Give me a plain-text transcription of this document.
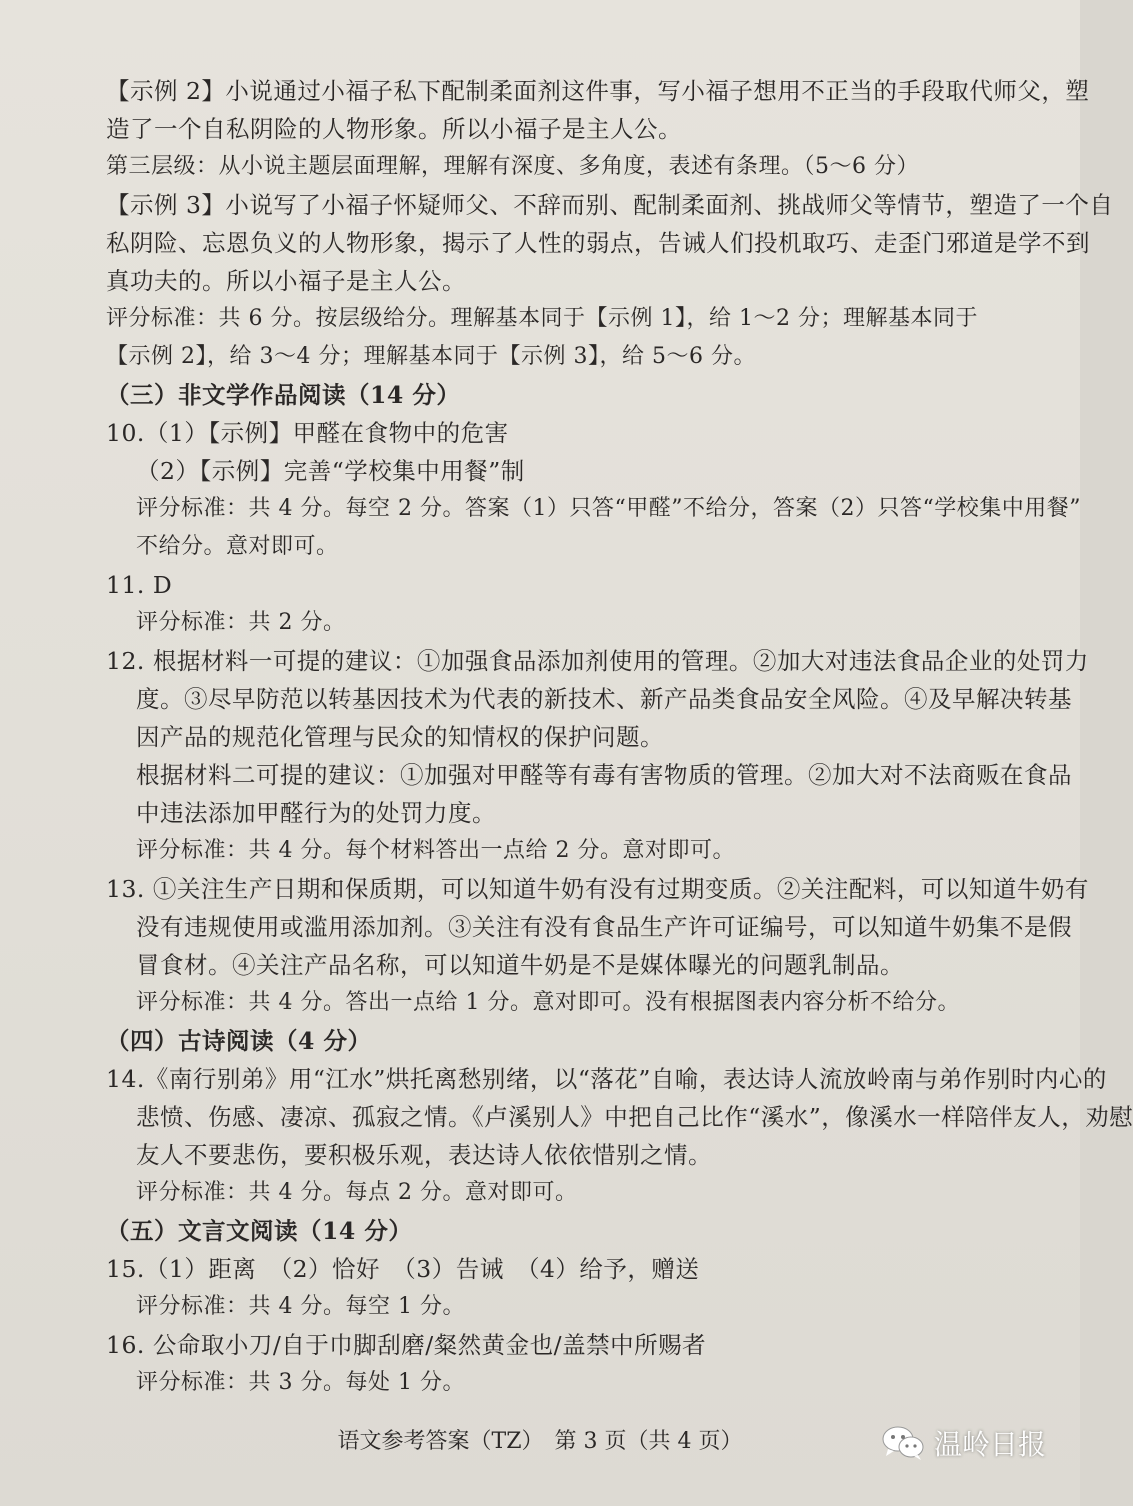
【示例 2】小说通过小福子私下配制柔面剂这件事，写小福子想用不正当的手段取代师父，塑
造了一个自私阴险的人物形象。所以小福子是主人公。
第三层级：从小说主题层面理解，理解有深度、多角度，表述有条理。（5～6 分）
【示例 3】小说写了小福子怀疑师父、不辞而别、配制柔面剂、挑战师父等情节，塑造了一个自
私阴险、忘恩负义的人物形象，揭示了人性的弱点，告诫人们投机取巧、走歪门邪道是学不到
真功夫的。所以小福子是主人公。
评分标准：共 6 分。按层级给分。理解基本同于【示例 1】，给 1～2 分；理解基本同于
【示例 2】，给 3～4 分；理解基本同于【示例 3】，给 5～6 分。
（三）非文学作品阅读（14 分）
10.（1）【示例】甲醛在食物中的危害
（2）【示例】完善“学校集中用餐”制
评分标准：共 4 分。每空 2 分。答案（1）只答“甲醛”不给分，答案（2）只答“学校集中用餐”
不给分。意对即可。
11. D
评分标准：共 2 分。
12. 根据材料一可提的建议：①加强食品添加剂使用的管理。②加大对违法食品企业的处罚力
度。③尽早防范以转基因技术为代表的新技术、新产品类食品安全风险。④及早解决转基
因产品的规范化管理与民众的知情权的保护问题。
根据材料二可提的建议：①加强对甲醛等有毒有害物质的管理。②加大对不法商贩在食品
中违法添加甲醛行为的处罚力度。
评分标准：共 4 分。每个材料答出一点给 2 分。意对即可。
13. ①关注生产日期和保质期，可以知道牛奶有没有过期变质。②关注配料，可以知道牛奶有
没有违规使用或滥用添加剂。③关注有没有食品生产许可证编号，可以知道牛奶集不是假
冒食材。④关注产品名称，可以知道牛奶是不是媒体曝光的问题乳制品。
评分标准：共 4 分。答出一点给 1 分。意对即可。没有根据图表内容分析不给分。
（四）古诗阅读（4 分）
14.《南行别弟》用“江水”烘托离愁别绪，以“落花”自喻，表达诗人流放岭南与弟作别时内心的
悲愤、伤感、凄凉、孤寂之情。《卢溪别人》中把自己比作“溪水”，像溪水一样陪伴友人，劝慰
友人不要悲伤，要积极乐观，表达诗人依依惜别之情。
评分标准：共 4 分。每点 2 分。意对即可。
（五）文言文阅读（14 分）
15.（1）距离　（2）恰好　（3）告诫　（4）给予，赠送
评分标准：共 4 分。每空 1 分。
16. 公命取小刀/自于巾脚刮磨/粲然黄金也/盖禁中所赐者
评分标准：共 3 分。每处 1 分。
语文参考答案（TZ）　第 3 页（共 4 页）	温岭日报
